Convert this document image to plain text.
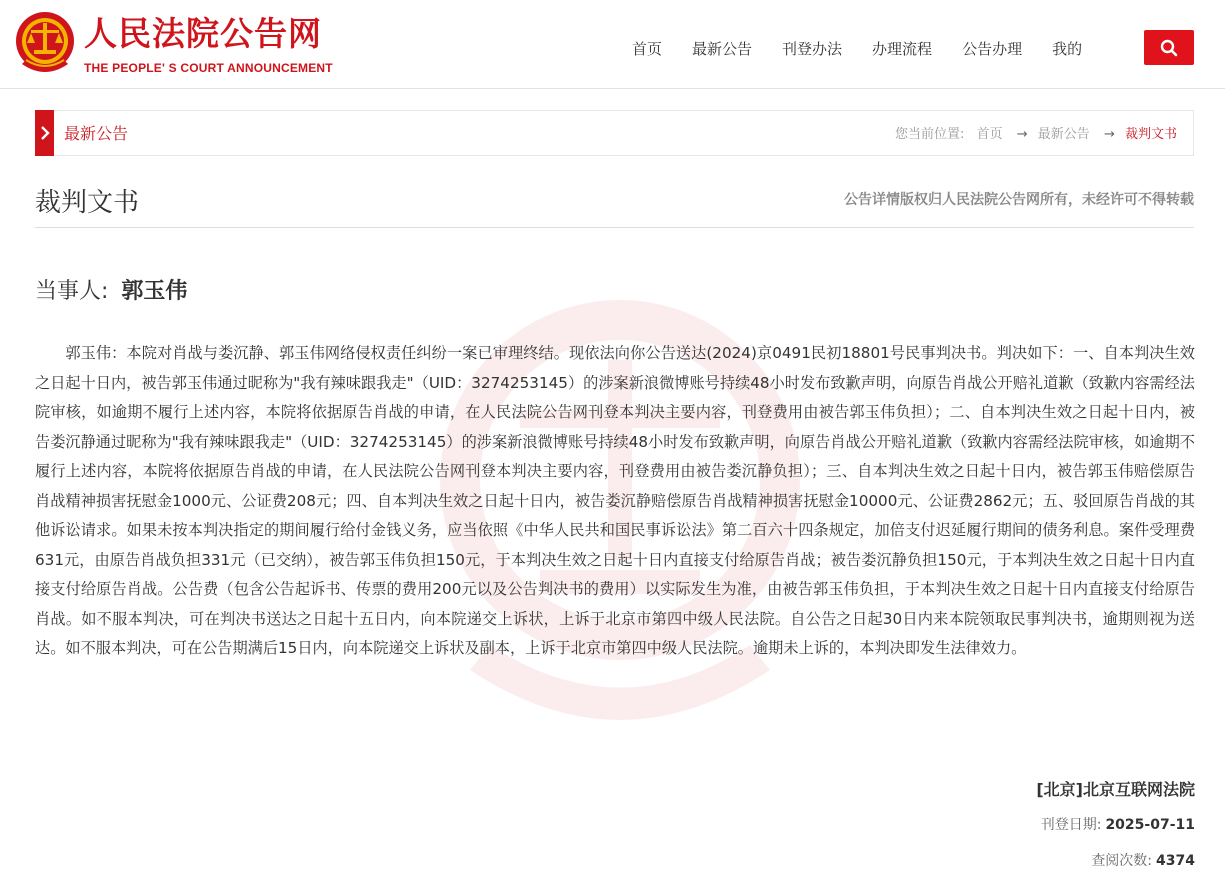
人民法院公告网
THE PEOPLE' S COURT ANNOUNCEMENT
首页 最新公告 刊登办法 办理流程 公告办理 我的
最新公告	您当前位置: 首页 → 最新公告 → 裁判文书
裁判文书	公告详情版权归人民法院公告网所有，未经许可不得转载
当事人: 郭玉伟
郭玉伟：本院对肖战与娄沉静、郭玉伟网络侵权责任纠纷一案已审理终结。现依法向你公告送达(2024)京0491民初18801号民事判决书。判决如下：一、自本判决生效之日起十日内，被告郭玉伟通过昵称为"我有辣味跟我走"（UID：3274253145）的涉案新浪微博账号持续48小时发布致歉声明，向原告肖战公开赔礼道歉（致歉内容需经法院审核，如逾期不履行上述内容，本院将依据原告肖战的申请，在人民法院公告网刊登本判决主要内容，刊登费用由被告郭玉伟负担）；二、自本判决生效之日起十日内，被告娄沉静通过昵称为"我有辣味跟我走"（UID：3274253145）的涉案新浪微博账号持续48小时发布致歉声明，向原告肖战公开赔礼道歉（致歉内容需经法院审核，如逾期不履行上述内容，本院将依据原告肖战的申请，在人民法院公告网刊登本判决主要内容，刊登费用由被告娄沉静负担）；三、自本判决生效之日起十日内，被告郭玉伟赔偿原告肖战精神损害抚慰金1000元、公证费208元；四、自本判决生效之日起十日内，被告娄沉静赔偿原告肖战精神损害抚慰金10000元、公证费2862元；五、驳回原告肖战的其他诉讼请求。如果未按本判决指定的期间履行给付金钱义务，应当依照《中华人民共和国民事诉讼法》第二百六十四条规定，加倍支付迟延履行期间的债务利息。案件受理费631元，由原告肖战负担331元（已交纳），被告郭玉伟负担150元，于本判决生效之日起十日内直接支付给原告肖战；被告娄沉静负担150元，于本判决生效之日起十日内直接支付给原告肖战。公告费（包含公告起诉书、传票的费用200元以及公告判决书的费用）以实际发生为准，由被告郭玉伟负担，于本判决生效之日起十日内直接支付给原告肖战。如不服本判决，可在判决书送达之日起十五日内，向本院递交上诉状，上诉于北京市第四中级人民法院。自公告之日起30日内来本院领取民事判决书，逾期则视为送达。如不服本判决，可在公告期满后15日内，向本院递交上诉状及副本，上诉于北京市第四中级人民法院。逾期未上诉的，本判决即发生法律效力。
[北京]北京互联网法院
刊登日期: 2025-07-11
查阅次数: 4374
